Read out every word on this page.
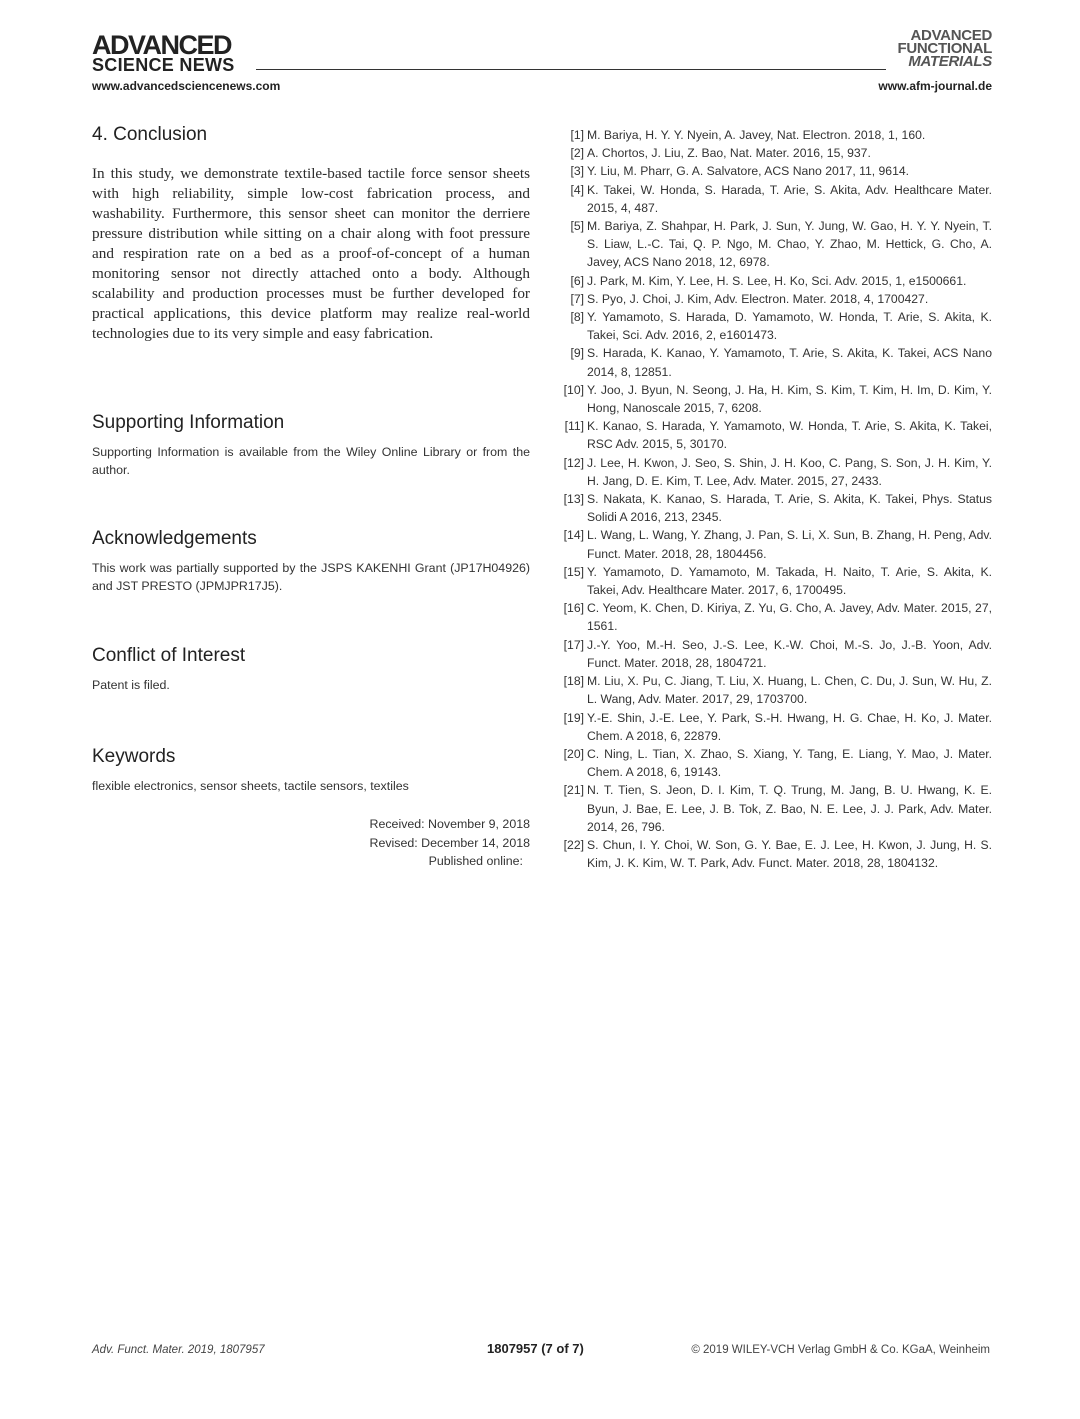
ADVANCED
SCIENCE NEWS
www.advancedsciencenews.com
ADVANCED
FUNCTIONAL
MATERIALS
www.afm-journal.de
4. Conclusion

In this study, we demonstrate textile-based tactile force sensor sheets with high reliability, simple low-cost fabrication process, and washability. Furthermore, this sensor sheet can monitor the derriere pressure distribution while sitting on a chair along with foot pressure and respiration rate on a bed as a proof-of-concept of a human monitoring sensor not directly attached onto a body. Although scalability and production processes must be further developed for practical applications, this device platform may realize real-world technologies due to its very simple and easy fabrication.

Supporting Information

Supporting Information is available from the Wiley Online Library or from the author.

Acknowledgements

This work was partially supported by the JSPS KAKENHI Grant (JP17H04926) and JST PRESTO (JPMJPR17J5).

Conflict of Interest

Patent is filed.

Keywords

flexible electronics, sensor sheets, tactile sensors, textiles

Received: November 9, 2018
Revised: December 14, 2018
Published online:
[1] M. Bariya, H. Y. Y. Nyein, A. Javey, Nat. Electron. 2018, 1, 160.
[2] A. Chortos, J. Liu, Z. Bao, Nat. Mater. 2016, 15, 937.
[3] Y. Liu, M. Pharr, G. A. Salvatore, ACS Nano 2017, 11, 9614.
[4] K. Takei, W. Honda, S. Harada, T. Arie, S. Akita, Adv. Healthcare Mater. 2015, 4, 487.
[5] M. Bariya, Z. Shahpar, H. Park, J. Sun, Y. Jung, W. Gao, H. Y. Y. Nyein, T. S. Liaw, L.-C. Tai, Q. P. Ngo, M. Chao, Y. Zhao, M. Hettick, G. Cho, A. Javey, ACS Nano 2018, 12, 6978.
[6] J. Park, M. Kim, Y. Lee, H. S. Lee, H. Ko, Sci. Adv. 2015, 1, e1500661.
[7] S. Pyo, J. Choi, J. Kim, Adv. Electron. Mater. 2018, 4, 1700427.
[8] Y. Yamamoto, S. Harada, D. Yamamoto, W. Honda, T. Arie, S. Akita, K. Takei, Sci. Adv. 2016, 2, e1601473.
[9] S. Harada, K. Kanao, Y. Yamamoto, T. Arie, S. Akita, K. Takei, ACS Nano 2014, 8, 12851.
[10] Y. Joo, J. Byun, N. Seong, J. Ha, H. Kim, S. Kim, T. Kim, H. Im, D. Kim, Y. Hong, Nanoscale 2015, 7, 6208.
[11] K. Kanao, S. Harada, Y. Yamamoto, W. Honda, T. Arie, S. Akita, K. Takei, RSC Adv. 2015, 5, 30170.
[12] J. Lee, H. Kwon, J. Seo, S. Shin, J. H. Koo, C. Pang, S. Son, J. H. Kim, Y. H. Jang, D. E. Kim, T. Lee, Adv. Mater. 2015, 27, 2433.
[13] S. Nakata, K. Kanao, S. Harada, T. Arie, S. Akita, K. Takei, Phys. Status Solidi A 2016, 213, 2345.
[14] L. Wang, L. Wang, Y. Zhang, J. Pan, S. Li, X. Sun, B. Zhang, H. Peng, Adv. Funct. Mater. 2018, 28, 1804456.
[15] Y. Yamamoto, D. Yamamoto, M. Takada, H. Naito, T. Arie, S. Akita, K. Takei, Adv. Healthcare Mater. 2017, 6, 1700495.
[16] C. Yeom, K. Chen, D. Kiriya, Z. Yu, G. Cho, A. Javey, Adv. Mater. 2015, 27, 1561.
[17] J.-Y. Yoo, M.-H. Seo, J.-S. Lee, K.-W. Choi, M.-S. Jo, J.-B. Yoon, Adv. Funct. Mater. 2018, 28, 1804721.
[18] M. Liu, X. Pu, C. Jiang, T. Liu, X. Huang, L. Chen, C. Du, J. Sun, W. Hu, Z. L. Wang, Adv. Mater. 2017, 29, 1703700.
[19] Y.-E. Shin, J.-E. Lee, Y. Park, S.-H. Hwang, H. G. Chae, H. Ko, J. Mater. Chem. A 2018, 6, 22879.
[20] C. Ning, L. Tian, X. Zhao, S. Xiang, Y. Tang, E. Liang, Y. Mao, J. Mater. Chem. A 2018, 6, 19143.
[21] N. T. Tien, S. Jeon, D. I. Kim, T. Q. Trung, M. Jang, B. U. Hwang, K. E. Byun, J. Bae, E. Lee, J. B. Tok, Z. Bao, N. E. Lee, J. J. Park, Adv. Mater. 2014, 26, 796.
[22] S. Chun, I. Y. Choi, W. Son, G. Y. Bae, E. J. Lee, H. Kwon, J. Jung, H. S. Kim, J. K. Kim, W. T. Park, Adv. Funct. Mater. 2018, 28, 1804132.
Adv. Funct. Mater. 2019, 1807957	1807957 (7 of 7)	© 2019 WILEY-VCH Verlag GmbH & Co. KGaA, Weinheim
